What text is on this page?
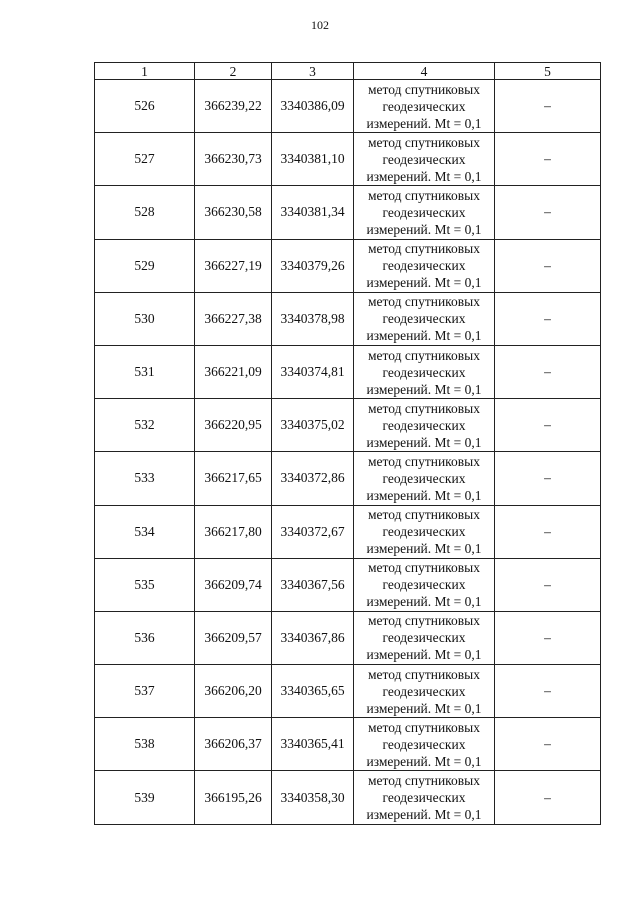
102
1	2	3	4	5
526	366239,22	3340386,09	метод спутниковых
геодезических
измерений. Mt = 0,1	–
527	366230,73	3340381,10	метод спутниковых
геодезических
измерений. Mt = 0,1	–
528	366230,58	3340381,34	метод спутниковых
геодезических
измерений. Mt = 0,1	–
529	366227,19	3340379,26	метод спутниковых
геодезических
измерений. Mt = 0,1	–
530	366227,38	3340378,98	метод спутниковых
геодезических
измерений. Mt = 0,1	–
531	366221,09	3340374,81	метод спутниковых
геодезических
измерений. Mt = 0,1	–
532	366220,95	3340375,02	метод спутниковых
геодезических
измерений. Mt = 0,1	–
533	366217,65	3340372,86	метод спутниковых
геодезических
измерений. Mt = 0,1	–
534	366217,80	3340372,67	метод спутниковых
геодезических
измерений. Mt = 0,1	–
535	366209,74	3340367,56	метод спутниковых
геодезических
измерений. Mt = 0,1	–
536	366209,57	3340367,86	метод спутниковых
геодезических
измерений. Mt = 0,1	–
537	366206,20	3340365,65	метод спутниковых
геодезических
измерений. Mt = 0,1	–
538	366206,37	3340365,41	метод спутниковых
геодезических
измерений. Mt = 0,1	–
539	366195,26	3340358,30	метод спутниковых
геодезических
измерений. Mt = 0,1	–
